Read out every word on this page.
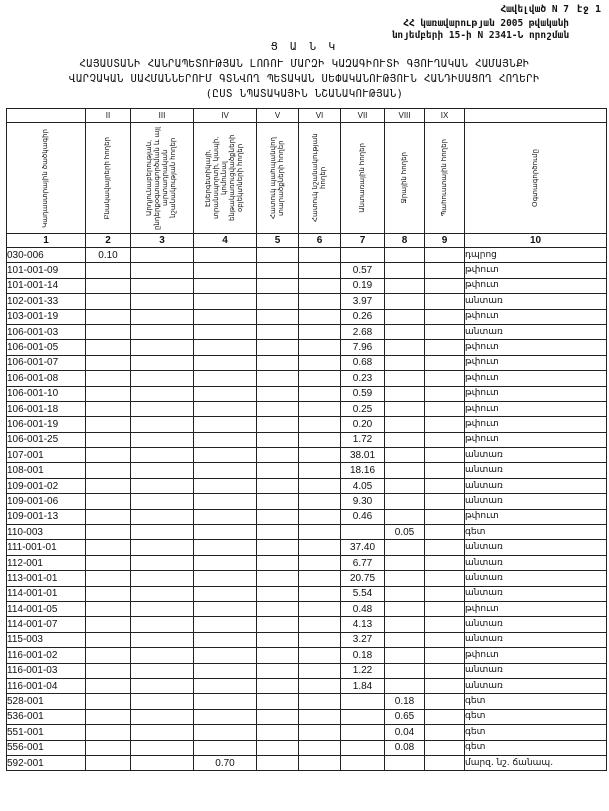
էջ 1
Հավելված N 7
ՀՀ կառավարության 2005 թվականի
նոյեմբերի 15-ի N 2341-Ն որոշման
Ց Ա Ն Կ
ՀԱՅԱՍՏԱՆԻ ՀԱՆՐԱՊԵՏՈՒԹՅԱՆ ԼՈՌՈՒ ՄԱՐԶԻ ԿԱԶԱԳԻՈՒՏԻ ԳՅՈՒՂԱԿԱՆ ՀԱՄԱՅՆՔԻ
ՎԱՐՉԱԿԱՆ ՍԱՀՄԱՆՆԵՐՈՒՄ ԳՏՆՎՈՂ ՊԵՏԱԿԱՆ ՍԵՓԱԿԱՆՈՒԹՅՈՒՆ ՀԱՆԴԻՍԱՑՈՂ ՀՈՂԵՐԻ
(ԸՍՏ ՆՊԱՏԱԿԱՅԻՆ ՆՇԱՆԱԿՈՒԹՅԱՆ)
	II	III	IV	V	VI	VII	VIII	IX	

Կադաստրային ծածկագիր	Բնակավայրերի հողեր	Արդյունաբերության, ընդերքօգտագործման և այլ արտադրական նշանակության հողեր	Էներգետիկայի, տրանսպորտի, կապի, կոմունալ ենթակառուցվածքների օբյեկտների հողեր	Հատուկ պահպանվող տարածքների հողեր	Հատուկ նշանակության հողեր	Անտառային հողեր	Ջրային հողեր	Պահուստային հողեր	Օգտագործումը

1	2	3	4	5	6	7	8	9	10
030-006	0.10								դպրոց
101-001-09						0.57			թփուտ
101-001-14						0.19			թփուտ
102-001-33						3.97			անտառ
103-001-19						0.26			թփուտ
106-001-03						2.68			անտառ
106-001-05						7.96			թփուտ
106-001-07						0.68			թփուտ
106-001-08						0.23			թփուտ
106-001-10						0.59			թփուտ
106-001-18						0.25			թփուտ
106-001-19						0.20			թփուտ
106-001-25						1.72			թփուտ
107-001						38.01			անտառ
108-001						18.16			անտառ
109-001-02						4.05			անտառ
109-001-06						9.30			անտառ
109-001-13						0.46			թփուտ
110-003							0.05		գետ
111-001-01						37.40			անտառ
112-001						6.77			անտառ
113-001-01						20.75			անտառ
114-001-01						5.54			անտառ
114-001-05						0.48			թփուտ
114-001-07						4.13			անտառ
115-003						3.27			անտառ
116-001-02						0.18			թփուտ
116-001-03						1.22			անտառ
116-001-04						1.84			անտառ
528-001							0.18		գետ
536-001							0.65		գետ
551-001							0.04		գետ
556-001							0.08		գետ
592-001			0.70						մարզ. նշ. ճանապ.
